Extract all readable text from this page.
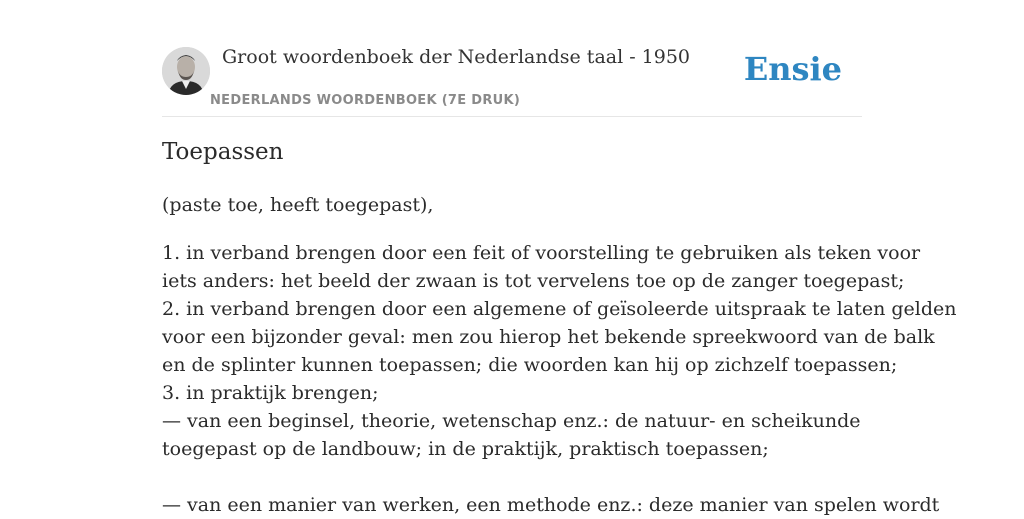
Groot woordenboek der Nederlandse taal - 1950
NEDERLANDS WOORDENBOEK (7E DRUK)
Ensie
Toepassen

(paste toe, heeft toegepast),

1. in verband brengen door een feit of voorstelling te gebruiken als teken voor
iets anders: het beeld der zwaan is tot vervelens toe op de zanger toegepast;
2. in verband brengen door een algemene of geïsoleerde uitspraak te laten gelden
voor een bijzonder geval: men zou hierop het bekende spreekwoord van de balk
en de splinter kunnen toepassen; die woorden kan hij op zichzelf toepassen;
3. in praktijk brengen;
— van een beginsel, theorie, wetenschap enz.: de natuur- en scheikunde
toegepast op de landbouw; in de praktijk, praktisch toepassen;
— van een manier van werken, een methode enz.: deze manier van spelen wordt
